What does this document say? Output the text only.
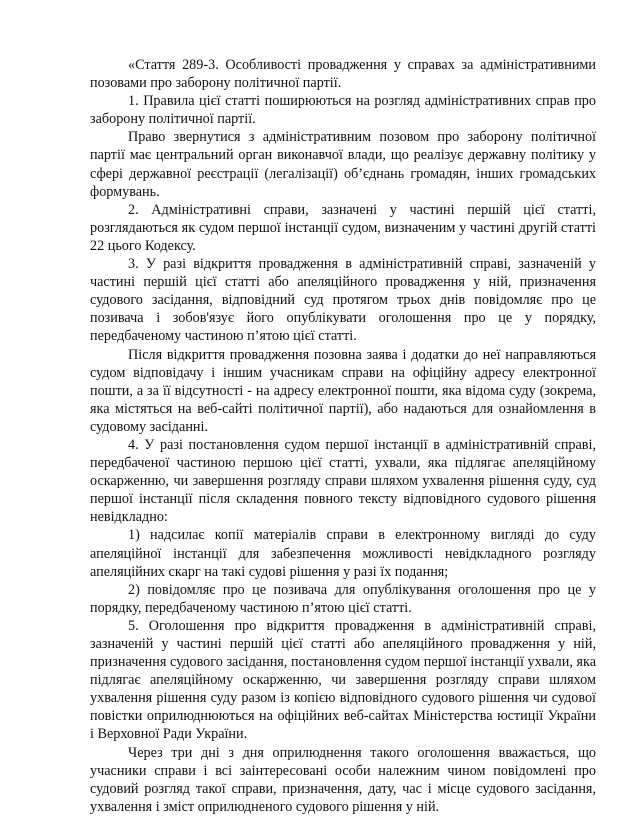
«Стаття 289-3. Особливості провадження у справах за адміністративними позовами про заборону політичної партії.

1. Правила цієї статті поширюються на розгляд адміністративних справ про заборону політичної партії.

Право звернутися з адміністративним позовом про заборону політичної партії має центральний орган виконавчої влади, що реалізує державну політику у сфері державної реєстрації (легалізації) об’єднань громадян, інших громадських формувань.

2. Адміністративні справи, зазначені у частині першій цієї статті, розглядаються як судом першої інстанції судом, визначеним у частині другій статті 22 цього Кодексу.

3. У разі відкриття провадження в адміністративній справі, зазначеній у частині першій цієї статті або апеляційного провадження у ній, призначення судового засідання, відповідний суд протягом трьох днів повідомляє про це позивача і зобов'язує його опублікувати оголошення про це у порядку, передбаченому частиною п’ятою цієї статті.

Після відкриття провадження позовна заява і додатки до неї направляються судом відповідачу і іншим учасникам справи на офіційну адресу електронної пошти, а за її відсутності - на адресу електронної пошти, яка відома суду (зокрема, яка містяться на веб-сайті політичної партії), або надаються для ознайомлення в судовому засіданні.

4. У разі постановлення судом першої інстанції в адміністративній справі, передбаченої частиною першою цієї статті, ухвали, яка підлягає апеляційному оскарженню, чи завершення розгляду справи шляхом ухвалення рішення суду, суд першої інстанції після складення повного тексту відповідного судового рішення невідкладно:

1) надсилає копії матеріалів справи в електронному вигляді до суду апеляційної інстанції для забезпечення можливості невідкладного розгляду апеляційних скарг на такі судові рішення у разі їх подання;

2) повідомляє про це позивача для опублікування оголошення про це у порядку, передбаченому частиною п’ятою цієї статті.

5. Оголошення про відкриття провадження в адміністративній справі, зазначеній у частині першій цієї статті або апеляційного провадження у ній, призначення судового засідання, постановлення судом першої інстанції ухвали, яка підлягає апеляційному оскарженню, чи завершення розгляду справи шляхом ухвалення рішення суду разом із копією відповідного судового рішення чи судової повістки оприлюднюються на офіційних веб-сайтах Міністерства юстиції України і Верховної Ради України.

Через три дні з дня оприлюднення такого оголошення вважається, що учасники справи і всі заінтересовані особи належним чином повідомлені про судовий розгляд такої справи, призначення, дату, час і місце судового засідання, ухвалення і зміст оприлюдненого судового рішення у ній.
